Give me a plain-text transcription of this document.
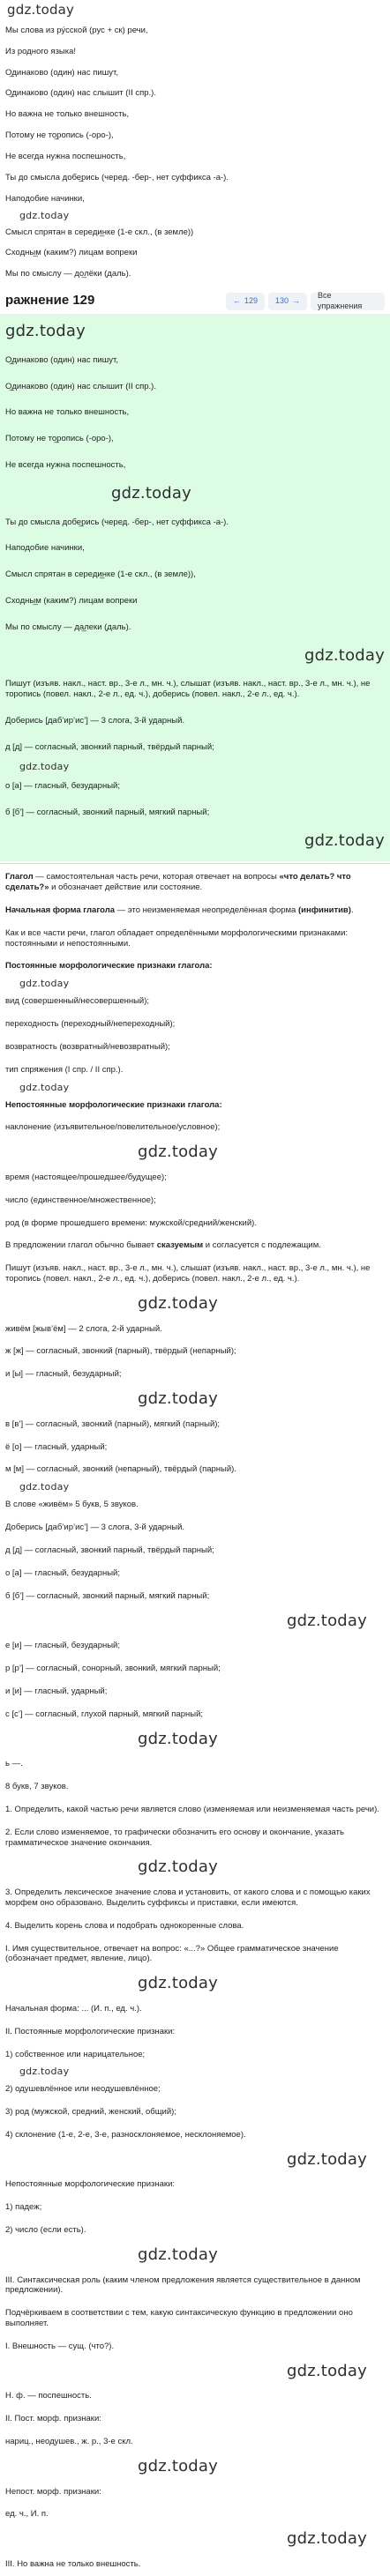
gdz.today
Мы слова из ру́сской (рус + ск) речи,
Из родного языка!
О̲динаково (один) нас пишут,
О̲динаково (один) нас слышит (II спр.).
Но важна не только внешность,
Потому не то̲ропись (-оро-),
Не всегда нужна поспешность,
Ты до смысла добе̲рись (черед. -бер-, нет суффикса -а-).
Наподобие начинки,
gdz.today
Смысл спрятан в середи̲нке (1-е скл., (в земле))
Сходны̲м (каким?) лицам вопреки
Мы по смыслу — до̲лёки (даль).
ражнение 129	← 129 130 →
Все упражнения
gdz.today
О̲динаково (один) нас пишут,
О̲динаково (один) нас слышит (II спр.).
Но важна не только внешность,
Потому не то̲ропись (-оро-),
Не всегда нужна поспешность,
gdz.today
Ты до смысла добе̲рись (черед. -бер-, нет суффикса -а-).
Наподобие начинки,
Смысл спрятан в середи̲нке (1-е скл., (в земле)),
Сходны̲м (каким?) лицам вопреки
Мы по смыслу — да̲леки (даль).
gdz.today
Пишут (изъяв. накл., наст. вр., 3-е л., мн. ч.), слышат (изъяв. накл., наст. вр., 3-е л., мн. ч.), не торопись (повел. накл., 2-е л., ед. ч.), доберись (повел. накл., 2-е л., ед. ч.).
Доберись [даб’ир’ис’] — 3 слога, 3-й ударный.
д [д] — согласный, звонкий парный, твёрдый парный;
gdz.today
о [а] — гласный, безударный;
б [б’] — согласный, звонкий парный, мягкий парный;
gdz.today
Глагол — самостоятельная часть речи, которая отвечает на вопросы «что делать? что сделать?» и обозначает действие или состояние.
Начальная форма глагола — это неизменяемая неопределённая форма (инфинитив).
Как и все части речи, глагол обладает определёнными морфологическими признаками: постоянными и непостоянными.
Постоянные морфологические признаки глагола:
gdz.today
вид (совершенный/несовершенный);
переходность (переходный/непереходный);
возвратность (возвратный/невозвратный);
тип спряжения (I спр. / II спр.).
gdz.today
Непостоянные морфологические признаки глагола:
наклонение (изъявительное/повелительное/условное);
gdz.today
время (настоящее/прошедшее/будущее);
число (единственное/множественное);
род (в форме прошедшего времени: мужской/средний/женский).
В предложении глагол обычно бывает сказуемым и согласуется с подлежащим.
Пишут (изъяв. накл., наст. вр., 3-е л., мн. ч.), слышат (изъяв. накл., наст. вр., 3-е л., мн. ч.), не торопись (повел. накл., 2-е л., ед. ч.), доберись (повел. накл., 2-е л., ед. ч.).
gdz.today
живём [жыв’ём] — 2 слога, 2-й ударный.
ж [ж] — согласный, звонкий (парный), твёрдый (непарный);
и [ы] — гласный, безударный;
gdz.today
в [в’] — согласный, звонкий (парный), мягкий (парный);
ё [о] — гласный, ударный;
м [м] — согласный, звонкий (непарный), твёрдый (парный).
gdz.today
В слове «живём» 5 букв, 5 звуков.
Доберись [даб’ир’ис’] — 3 слога, 3-й ударный.
д [д] — согласный, звонкий парный, твёрдый парный;
о [а] — гласный, безударный;
б [б’] — согласный, звонкий парный, мягкий парный;
gdz.today
е [и] — гласный, безударный;
р [р’] — согласный, сонорный, звонкий, мягкий парный;
и [и] — гласный, ударный;
с [с’] — согласный, глухой парный, мягкий парный;
gdz.today
ь —.
8 букв, 7 звуков.
1. Определить, какой частью речи является слово (изменяемая или неизменяемая часть речи).
2. Если слово изменяемое, то графически обозначить его основу и окончание, указать грамматическое значение окончания.
gdz.today
3. Определить лексическое значение слова и установить, от какого слова и с помощью каких морфем оно образовано. Выделить суффиксы и приставки, если имеются.
4. Выделить корень слова и подобрать однокоренные слова.
I. Имя существительное, отвечает на вопрос: «...?» Общее грамматическое значение (обозначает предмет, явление, лицо).
gdz.today
Начальная форма: ... (И. п., ед. ч.).
II. Постоянные морфологические признаки:
1) собственное или нарицательное;
gdz.today
2) одушевлённое или неодушевлённое;
3) род (мужской, средний, женский, общий);
4) склонение (1-е, 2-е, 3-е, разносклоняемое, несклоняемое).
gdz.today
Непостоянные морфологические признаки:
1) падеж;
2) число (если есть).
gdz.today
III. Синтаксическая роль (каким членом предложения является существительное в данном предложении).
Подчёркиваем в соответствии с тем, какую синтаксическую функцию в предложении оно выполняет.
I. Внешность — сущ. (что?).
gdz.today
Н. ф. — поспешность.
II. Пост. морф. признаки:
нариц., неодушев., ж. р., 3-е скл.
gdz.today
Непост. морф. признаки:
ед. ч., И. п.
gdz.today
III. Но важна не только внешность.
